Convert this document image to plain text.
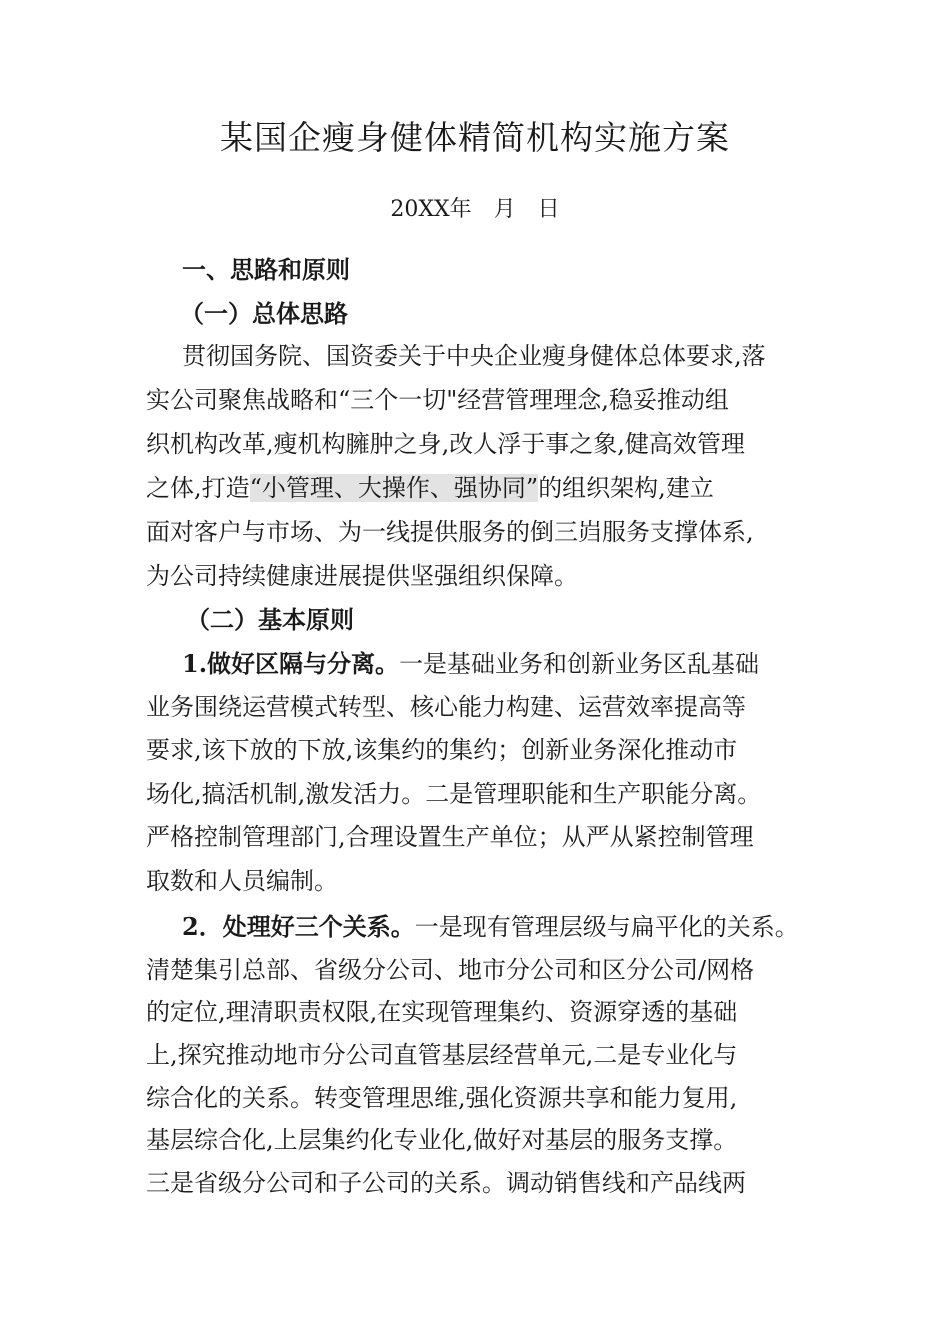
某国企瘦身健体精简机构实施方案
20XX年　月　日
一、思路和原则
（一）总体思路
贯彻国务院、国资委关于中央企业瘦身健体总体要求,落
实公司聚焦战略和“三个一切"经营管理理念,稳妥推动组
织机构改革,瘦机构臃肿之身,改人浮于事之象,健高效管理
之体,打造“小管理、大操作、强协同”的组织架构,建立
面对客户与市场、为一线提供服务的倒三岿服务支撑体系,
为公司持续健康进展提供坚强组织保障。
（二）基本原则
1.做好区隔与分离。一是基础业务和创新业务区乱基础
业务围绕运营模式转型、核心能力构建、运营效率提高等
要求,该下放的下放,该集约的集约；创新业务深化推动市
场化,搞活机制,激发活力。二是管理职能和生产职能分离。
严格控制管理部门,合理设置生产单位；从严从紧控制管理
取数和人员编制。
2．处理好三个关系。一是现有管理层级与扁平化的关系。
清楚集引总部、省级分公司、地市分公司和区分公司/网格
的定位,理清职责权限,在实现管理集约、资源穿透的基础
上,探究推动地市分公司直管基层经营单元,二是专业化与
综合化的关系。转变管理思维,强化资源共享和能力复用,
基层综合化,上层集约化专业化,做好对基层的服务支撑。
三是省级分公司和子公司的关系。调动销售线和产品线两
